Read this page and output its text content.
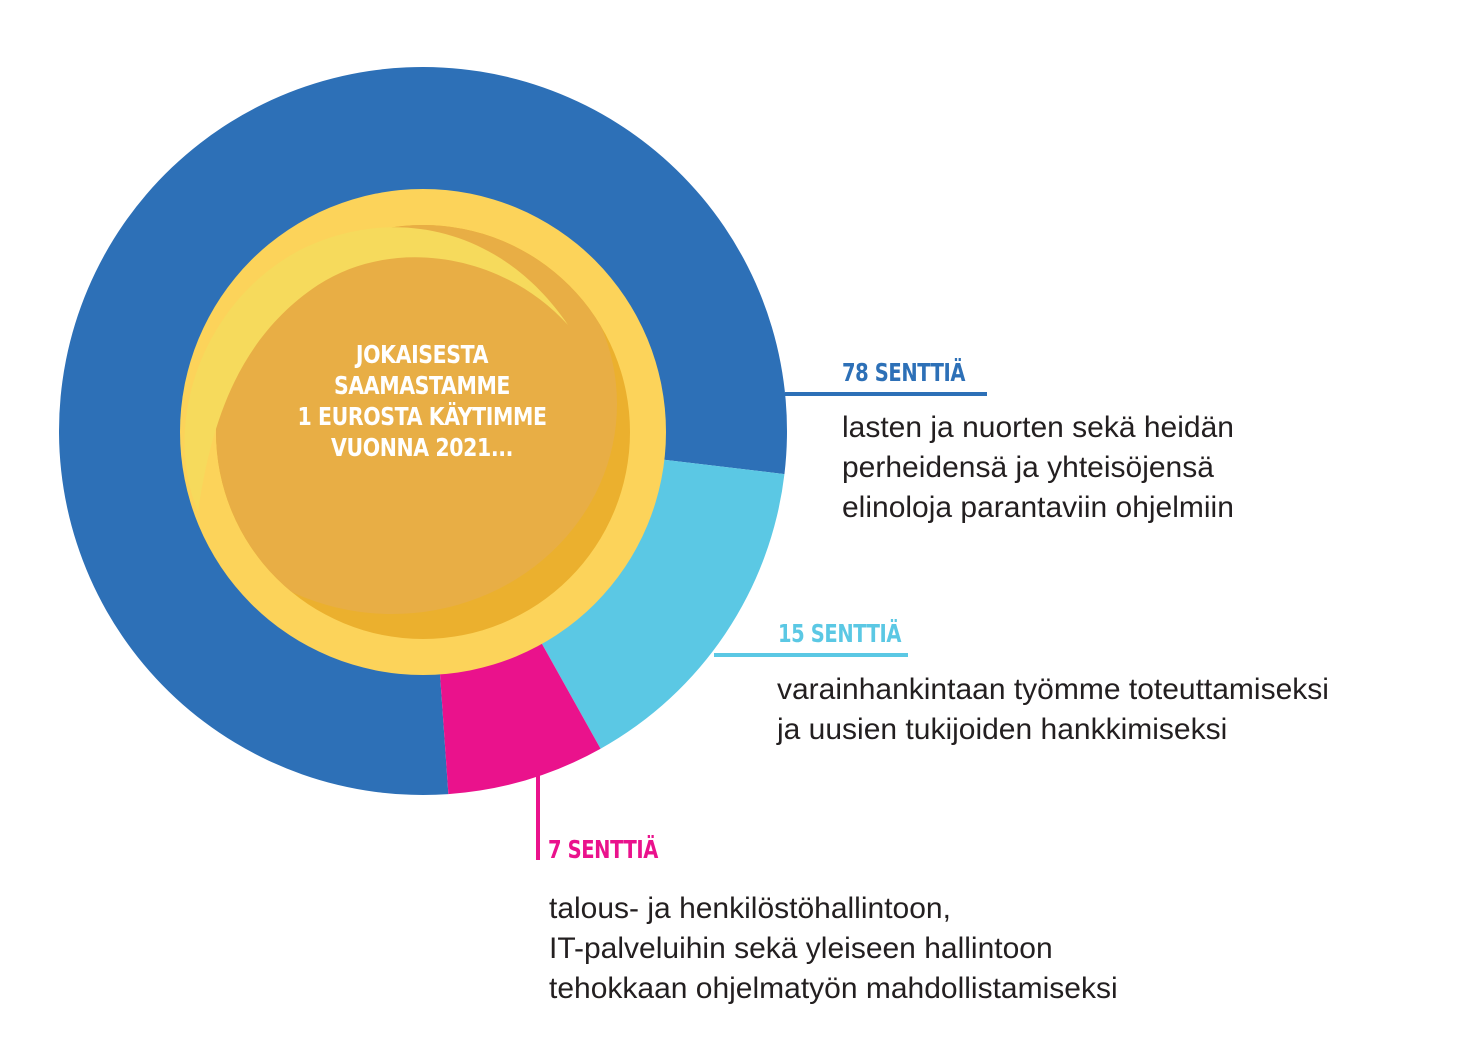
JOKAISESTA
SAAMASTAMME
1 EUROSTA KÄYTIMME
VUONNA 2021...
78 SENTTIÄ
lasten ja nuorten sekä heidän
perheidensä ja yhteisöjensä
elinoloja parantaviin ohjelmiin
15 SENTTIÄ
varainhankintaan työmme toteuttamiseksi
ja uusien tukijoiden hankkimiseksi
7 SENTTIÄ
talous- ja henkilöstöhallintoon,
IT-palveluihin sekä yleiseen hallintoon
tehokkaan ohjelmatyön mahdollistamiseksi
